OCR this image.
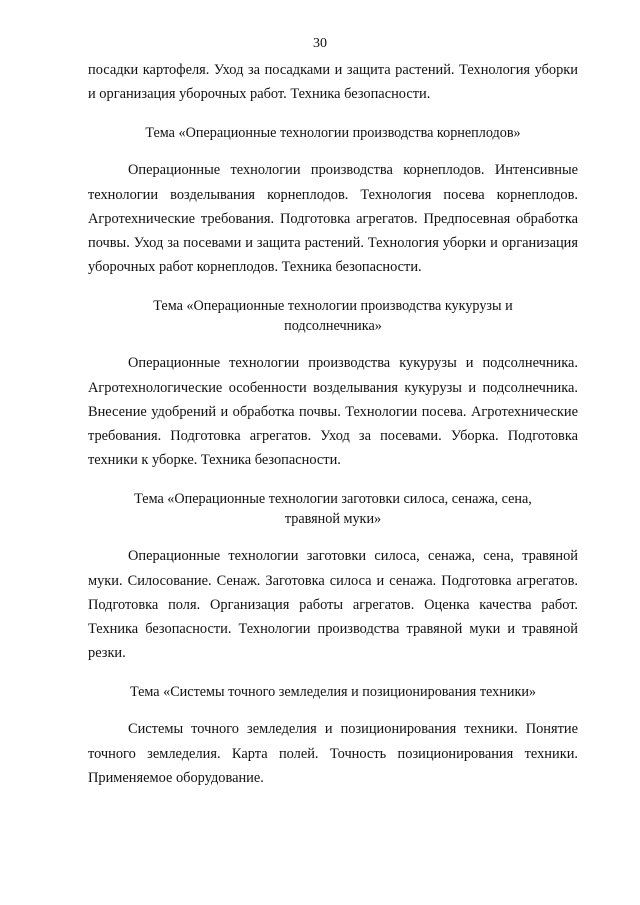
30

посадки картофеля. Уход за посадками и защита растений. Технология уборки и организация уборочных работ. Техника безопасности.

Тема «Операционные технологии производства корнеплодов»

Операционные технологии производства корнеплодов. Интенсивные технологии возделывания корнеплодов. Технология посева корнеплодов. Агротехнические требования. Подготовка агрегатов. Предпосевная обработка почвы. Уход за посевами и защита растений. Технология уборки и организация уборочных работ корнеплодов. Техника безопасности.

Тема «Операционные технологии производства кукурузы и подсолнечника»

Операционные технологии производства кукурузы и подсолнечника. Агротехнологические особенности возделывания кукурузы и подсолнечника. Внесение удобрений и обработка почвы. Технологии посева. Агротехнические требования. Подготовка агрегатов. Уход за посевами. Уборка. Подготовка техники к уборке. Техника безопасности.

Тема «Операционные технологии заготовки силоса, сенажа, сена, травяной муки»

Операционные технологии заготовки силоса, сенажа, сена, травяной муки. Силосование. Сенаж. Заготовка силоса и сенажа. Подготовка агрегатов. Подготовка поля. Организация работы агрегатов. Оценка качества работ. Техника безопасности. Технологии производства травяной муки и травяной резки.

Тема «Системы точного земледелия и позиционирования техники»

Системы точного земледелия и позиционирования техники. Понятие точного земледелия. Карта полей. Точность позиционирования техники. Применяемое оборудование.
